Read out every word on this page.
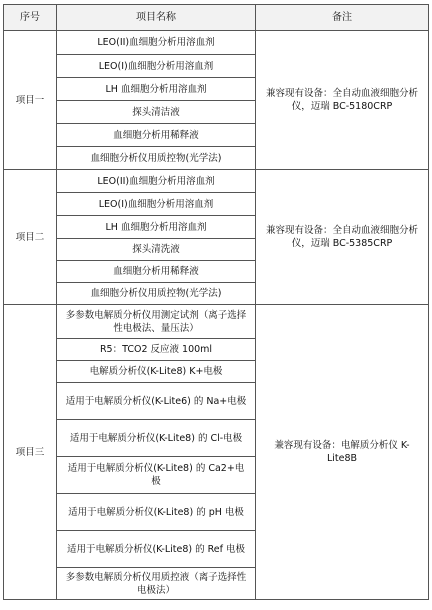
序号	项目名称	备注
项目一	LEO(II)血细胞分析用溶血剂	兼容现有设备：全自动血液细胞分析仪，迈瑞 BC-5180CRP
	LEO(I)血细胞分析用溶血剂	
	LH 血细胞分析用溶血剂	
	探头清洁液	
	血细胞分析用稀释液	
	血细胞分析仪用质控物(光学法)	
项目二	LEO(II)血细胞分析用溶血剂	兼容现有设备：全自动血液细胞分析仪，迈瑞 BC-5385CRP
	LEO(I)血细胞分析用溶血剂	
	LH 血细胞分析用溶血剂	
	探头清洗液	
	血细胞分析用稀释液	
	血细胞分析仪用质控物(光学法)	
项目三	多参数电解质分析仪用测定试剂（离子选择性电极法、量压法）	兼容现有设备：电解质分析仪 K-Lite8B
	R5：TCO2 反应液 100ml	
	电解质分析仪(K-Lite8) K+电极	
	适用于电解质分析仪(K-Lite6) 的 Na+电极	
	适用于电解质分析仪(K-Lite8) 的 Cl-电极	
	适用于电解质分析仪(K-Lite8) 的 Ca2+电极	
	适用于电解质分析仪(K-Lite8) 的 pH 电极	
	适用于电解质分析仪(K-Lite8) 的 Ref 电极	
	多参数电解质分析仪用质控液（离子选择性电极法）	
